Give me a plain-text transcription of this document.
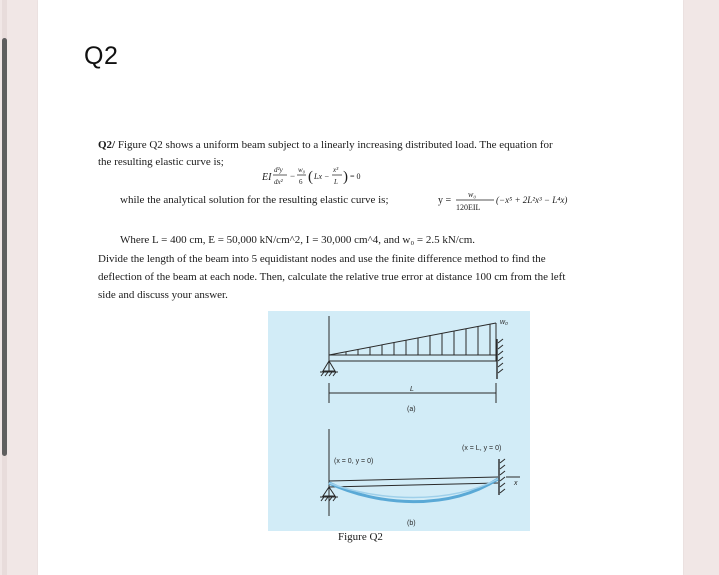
Q2
Q2/ Figure Q2 shows a uniform beam subject to a linearly increasing distributed load. The equation for
the resulting elastic curve is;
EI
d²y
dx²
−
w₀
6 ( Lx −
x³
L ) = 0
while the analytical solution for the resulting elastic curve is;	y =
w₀
120EIL
(−x⁵ + 2L²x³ − L⁴x)
Where L = 400 cm, E = 50,000 kN/cm^2, I = 30,000 cm^4, and w₀ = 2.5 kN/cm.
Divide the length of the beam into 5 equidistant nodes and use the finite difference method to find the
deflection of the beam at each node. Then, calculate the relative true error at distance 100 cm from the left
side and discuss your answer.
w₀
L
(a)
(x = 0, y = 0)
(x = L, y = 0)
x
(b)
Figure Q2
